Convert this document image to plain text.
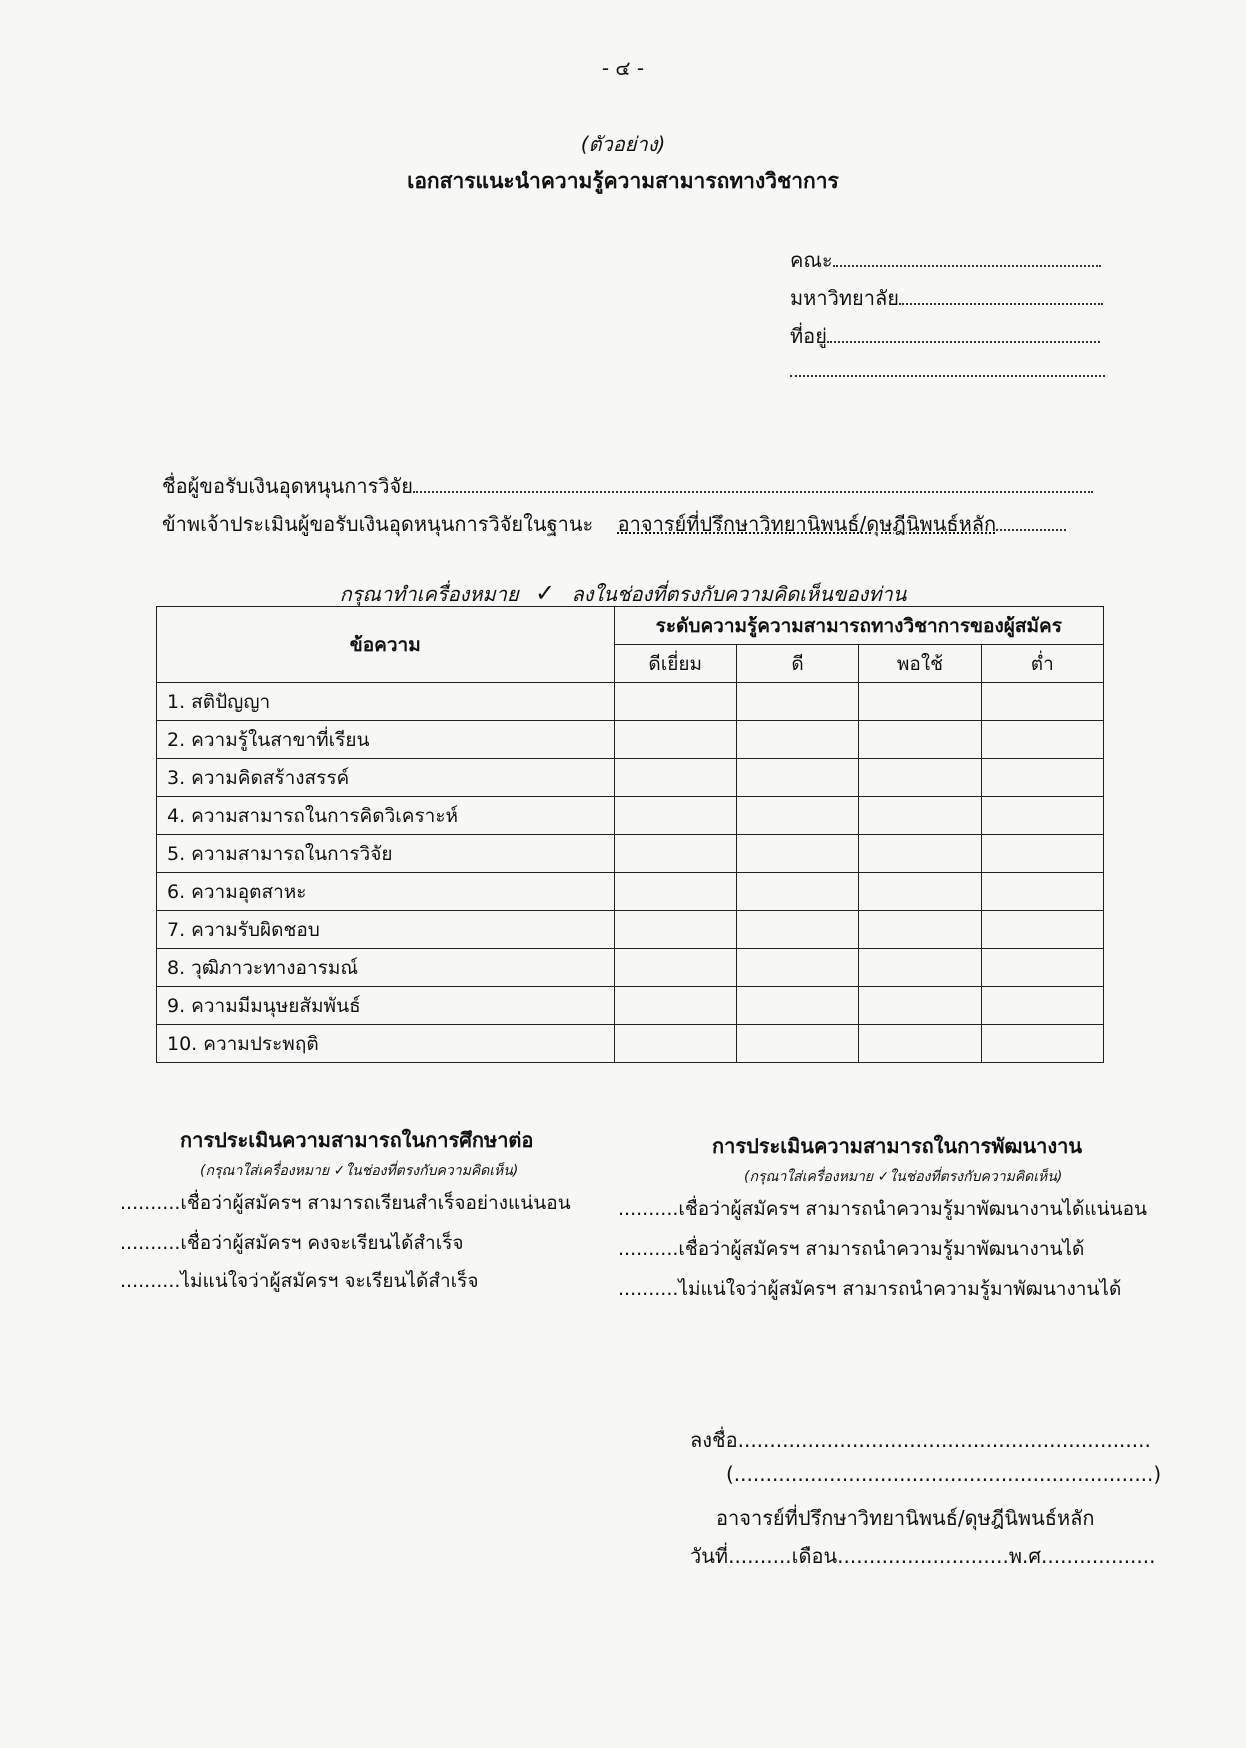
- ๔ -
(ตัวอย่าง)
เอกสารแนะนำความรู้ความสามารถทางวิชาการ
คณะ
มหาวิทยาลัย
ที่อยู่
ชื่อผู้ขอรับเงินอุดหนุนการวิจัย
ข้าพเจ้าประเมินผู้ขอรับเงินอุดหนุนการวิจัยในฐานะ อาจารย์ที่ปรึกษาวิทยานิพนธ์/ดุษฎีนิพนธ์หลัก
กรุณาทำเครื่องหมาย ✓ ลงในช่องที่ตรงกับความคิดเห็นของท่าน
ข้อความ	ระดับความรู้ความสามารถทางวิชาการของผู้สมัคร			
	ดีเยี่ยม	ดี	พอใช้	ต่ำ
1. สติปัญญา				
2. ความรู้ในสาขาที่เรียน				
3. ความคิดสร้างสรรค์				
4. ความสามารถในการคิดวิเคราะห์				
5. ความสามารถในการวิจัย				
6. ความอุตสาหะ				
7. ความรับผิดชอบ				
8. วุฒิภาวะทางอารมณ์				
9. ความมีมนุษยสัมพันธ์				
10. ความประพฤติ				
การประเมินความสามารถในการศึกษาต่อ
(กรุณาใส่เครื่องหมาย ✓ในช่องที่ตรงกับความคิดเห็น)
..........เชื่อว่าผู้สมัครฯ สามารถเรียนสำเร็จอย่างแน่นอน
..........เชื่อว่าผู้สมัครฯ คงจะเรียนได้สำเร็จ
..........ไม่แน่ใจว่าผู้สมัครฯ จะเรียนได้สำเร็จ
การประเมินความสามารถในการพัฒนางาน
(กรุณาใส่เครื่องหมาย ✓ในช่องที่ตรงกับความคิดเห็น)
..........เชื่อว่าผู้สมัครฯ สามารถนำความรู้มาพัฒนางานได้แน่นอน
..........เชื่อว่าผู้สมัครฯ สามารถนำความรู้มาพัฒนางานได้
..........ไม่แน่ใจว่าผู้สมัครฯ สามารถนำความรู้มาพัฒนางานได้
ลงชื่อ.................................................................
(..................................................................)
อาจารย์ที่ปรึกษาวิทยานิพนธ์/ดุษฎีนิพนธ์หลัก
วันที่..........เดือน...........................พ.ศ..................
